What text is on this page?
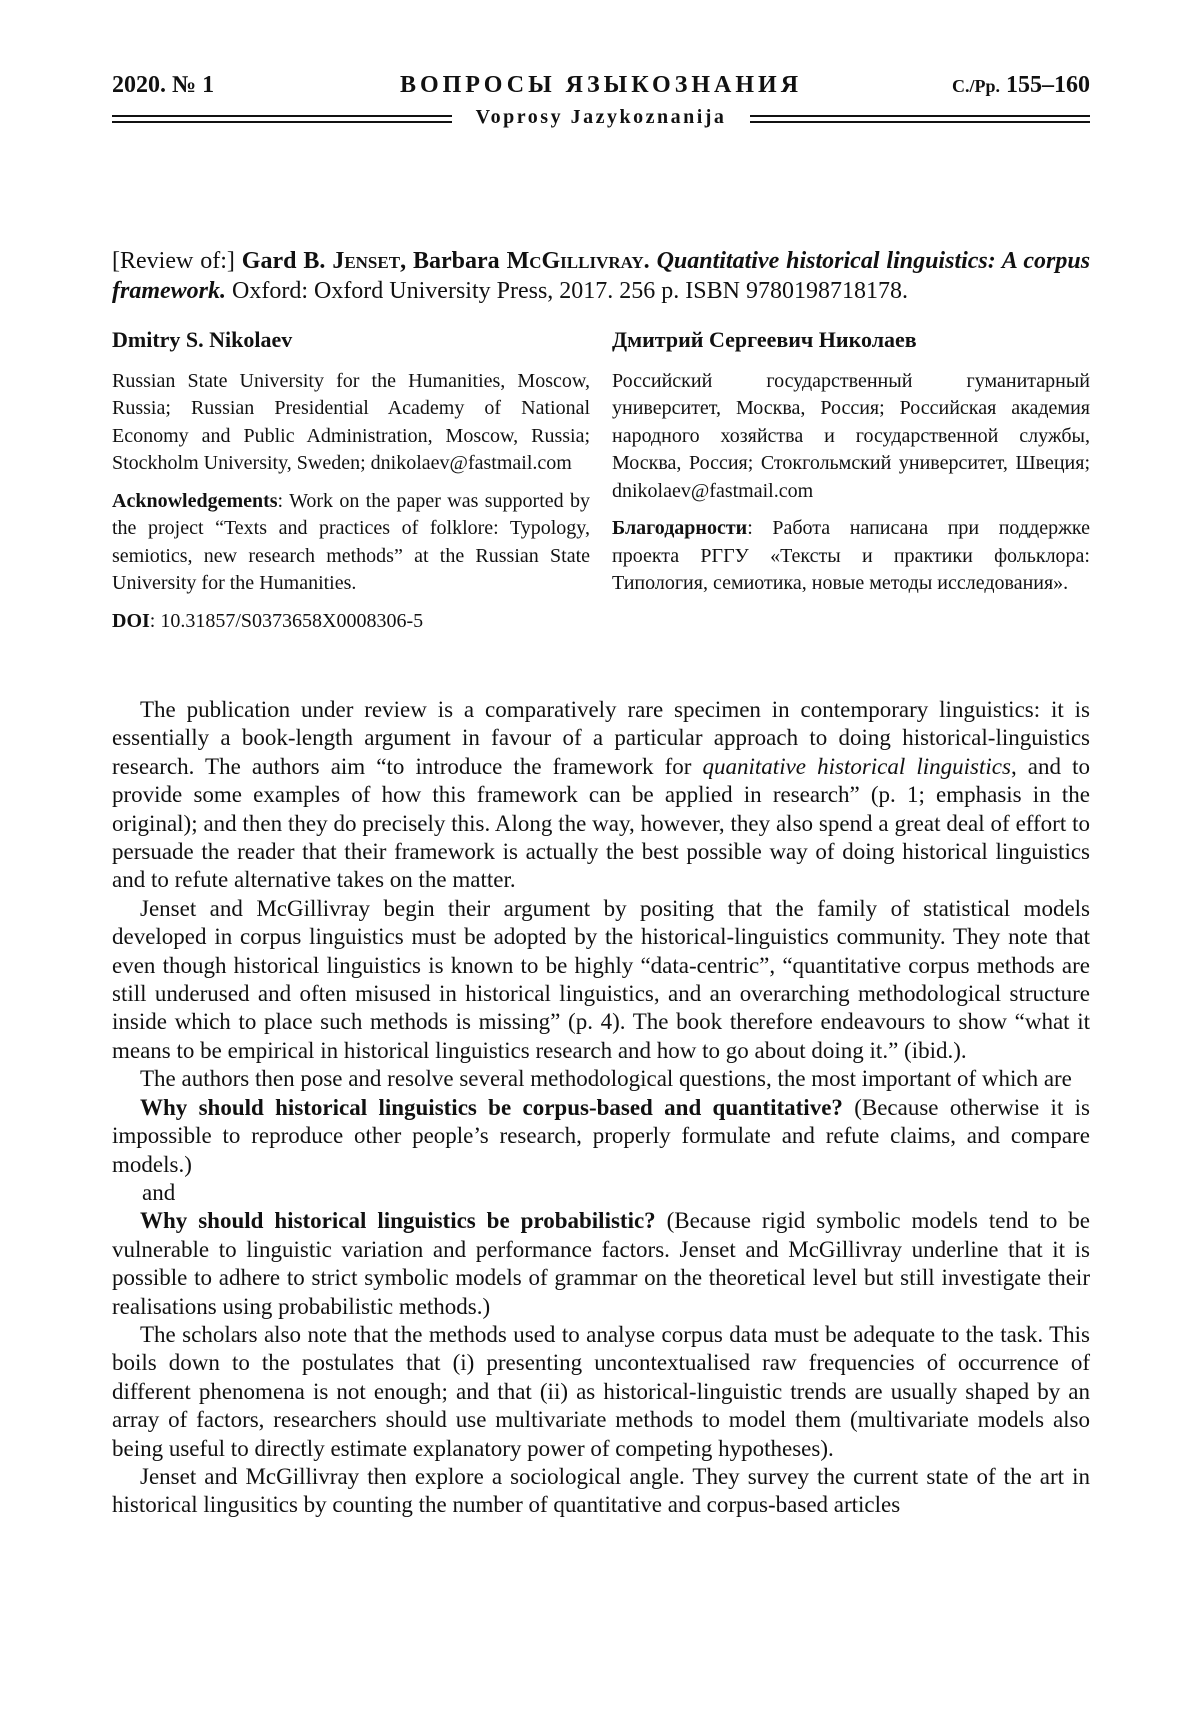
2020. № 1	ВОПРОСЫ ЯЗЫКОЗНАНИЯ	С./Pp. 155–160
Voprosy Jazykoznanija
[Review of:] Gard B. Jenset, Barbara McGillivray. Quantitative historical linguistics: A corpus framework. Oxford: Oxford University Press, 2017. 256 p. ISBN 9780198718178.
Dmitry S. Nikolaev

Russian State University for the Humanities, Moscow, Russia; Russian Presidential Academy of National Economy and Public Administration, Moscow, Russia; Stockholm University, Sweden; dnikolaev@fastmail.com

Acknowledgements: Work on the paper was supported by the project “Texts and practices of folklore: Typology, semiotics, new research methods” at the Russian State University for the Humanities.

DOI: 10.31857/S0373658X0008306-5

Дмитрий Сергеевич Николаев

Российский государственный гуманитарный университет, Москва, Россия; Российская академия народного хозяйства и государственной службы, Москва, Россия; Стокгольмский университет, Швеция; dnikolaev@fastmail.com

Благодарности: Работа написана при поддержке проекта РГГУ «Тексты и практики фольклора: Типология, семиотика, новые методы исследования».

The publication under review is a comparatively rare specimen in contemporary linguistics: it is essentially a book-length argument in favour of a particular approach to doing historical-linguistics research. The authors aim “to introduce the framework for quanitative historical linguistics, and to provide some examples of how this framework can be applied in research” (p. 1; emphasis in the original); and then they do precisely this. Along the way, however, they also spend a great deal of effort to persuade the reader that their framework is actually the best possible way of doing historical linguistics and to refute alternative takes on the matter.

Jenset and McGillivray begin their argument by positing that the family of statistical models developed in corpus linguistics must be adopted by the historical-linguistics community. They note that even though historical linguistics is known to be highly “data-centric”, “quantitative corpus methods are still underused and often misused in historical linguistics, and an overarching methodological structure inside which to place such methods is missing” (p. 4). The book therefore endeavours to show “what it means to be empirical in historical linguistics research and how to go about doing it.” (ibid.).

The authors then pose and resolve several methodological questions, the most important of which are

Why should historical linguistics be corpus-based and quantitative? (Because otherwise it is impossible to reproduce other people’s research, properly formulate and refute claims, and compare models.)

and

Why should historical linguistics be probabilistic? (Because rigid symbolic models tend to be vulnerable to linguistic variation and performance factors. Jenset and McGillivray underline that it is possible to adhere to strict symbolic models of grammar on the theoretical level but still investigate their realisations using probabilistic methods.)

The scholars also note that the methods used to analyse corpus data must be adequate to the task. This boils down to the postulates that (i) presenting uncontextualised raw frequencies of occurrence of different phenomena is not enough; and that (ii) as historical-linguistic trends are usually shaped by an array of factors, researchers should use multivariate methods to model them (multivariate models also being useful to directly estimate explanatory power of competing hypotheses).

Jenset and McGillivray then explore a sociological angle. They survey the current state of the art in historical lingusitics by counting the number of quantitative and corpus-based articles
